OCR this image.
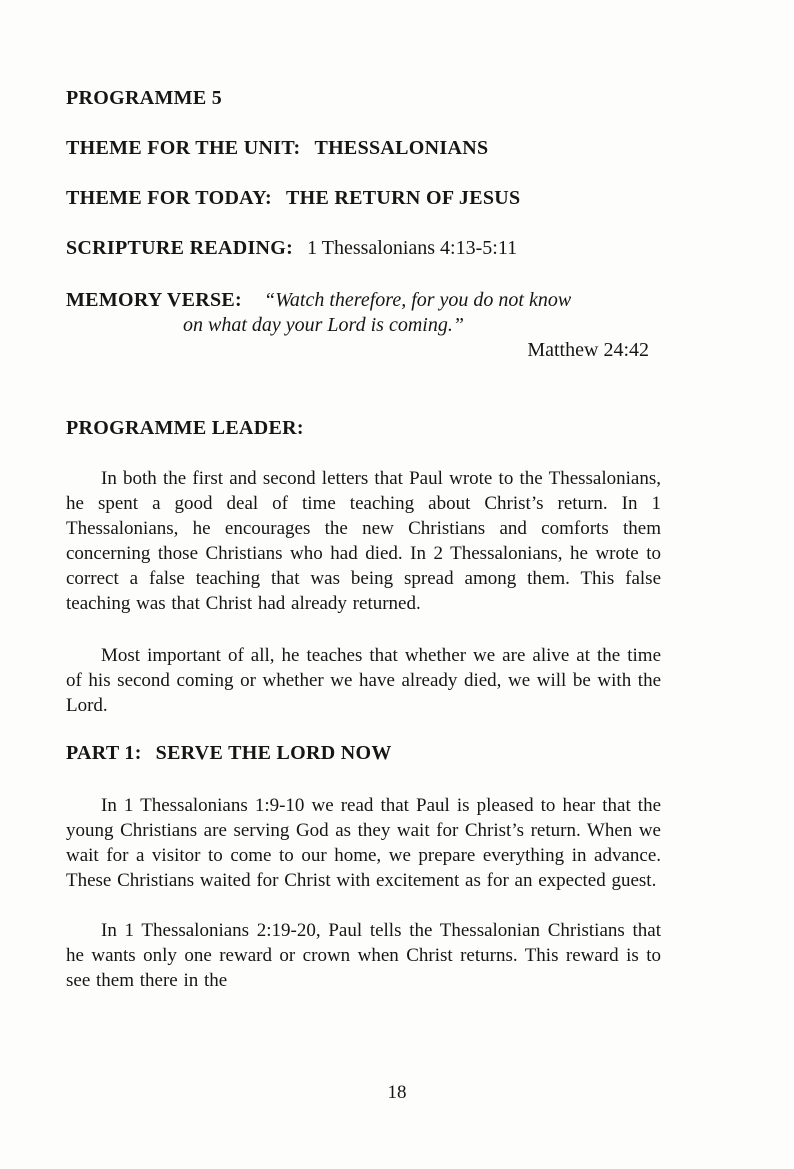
PROGRAMME 5
THEME FOR THE UNIT: THESSALONIANS
THEME FOR TODAY: THE RETURN OF JESUS
SCRIPTURE READING: 1 Thessalonians 4:13-5:11
MEMORY VERSE: “Watch therefore, for you do not know
on what day your Lord is coming.”
Matthew 24:42
PROGRAMME LEADER:

In both the first and second letters that Paul wrote to the Thessalonians, he spent a good deal of time teaching about Christ’s return. In 1 Thessalonians, he encourages the new Christians and comforts them concerning those Christians who had died. In 2 Thessalonians, he wrote to correct a false teaching that was being spread among them. This false teaching was that Christ had already returned.

Most important of all, he teaches that whether we are alive at the time of his second coming or whether we have already died, we will be with the Lord.

PART 1: SERVE THE LORD NOW

In 1 Thessalonians 1:9-10 we read that Paul is pleased to hear that the young Christians are serving God as they wait for Christ’s return. When we wait for a visitor to come to our home, we prepare everything in advance. These Christians waited for Christ with excitement as for an expected guest.

In 1 Thessalonians 2:19-20, Paul tells the Thessalonian Christians that he wants only one reward or crown when Christ returns. This reward is to see them there in the

18
